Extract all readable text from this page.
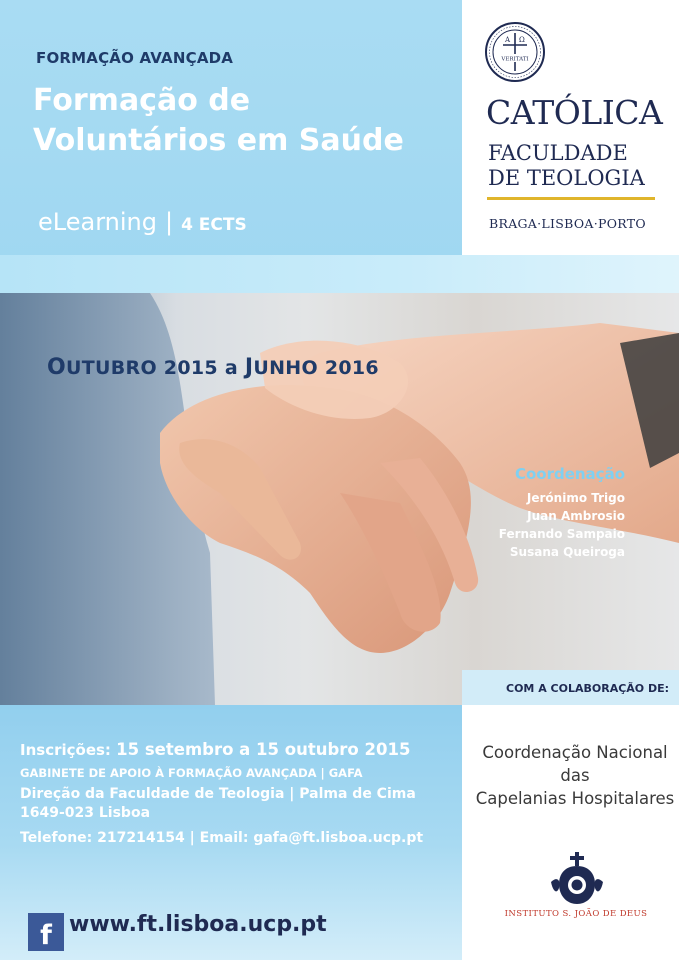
FORMAÇÃO AVANÇADA
Formação de Voluntários em Saúde
eLearning | 4 ECTS
A Ω
VERITATI
CATÓLICA
FACULDADE
DE TEOLOGIA
BRAGA·LISBOA·PORTO
OUTUBRO 2015 a JUNHO 2016
Coordenação
Jerónimo Trigo
Juan Ambrosio
Fernando Sampaio
Susana Queiroga
COM A COLABORAÇÃO DE:
Inscrições: 15 setembro a 15 outubro 2015
GABINETE DE APOIO À FORMAÇÃO AVANÇADA | GAFA
Direção da Faculdade de Teologia | Palma de Cima
1649-023 Lisboa
Telefone: 217214154 | Email: gafa@ft.lisboa.ucp.pt
f www.ft.lisboa.ucp.pt
Coordenação Nacional das
Capelanias Hospitalares
INSTITUTO S. JOÃO DE DEUS
